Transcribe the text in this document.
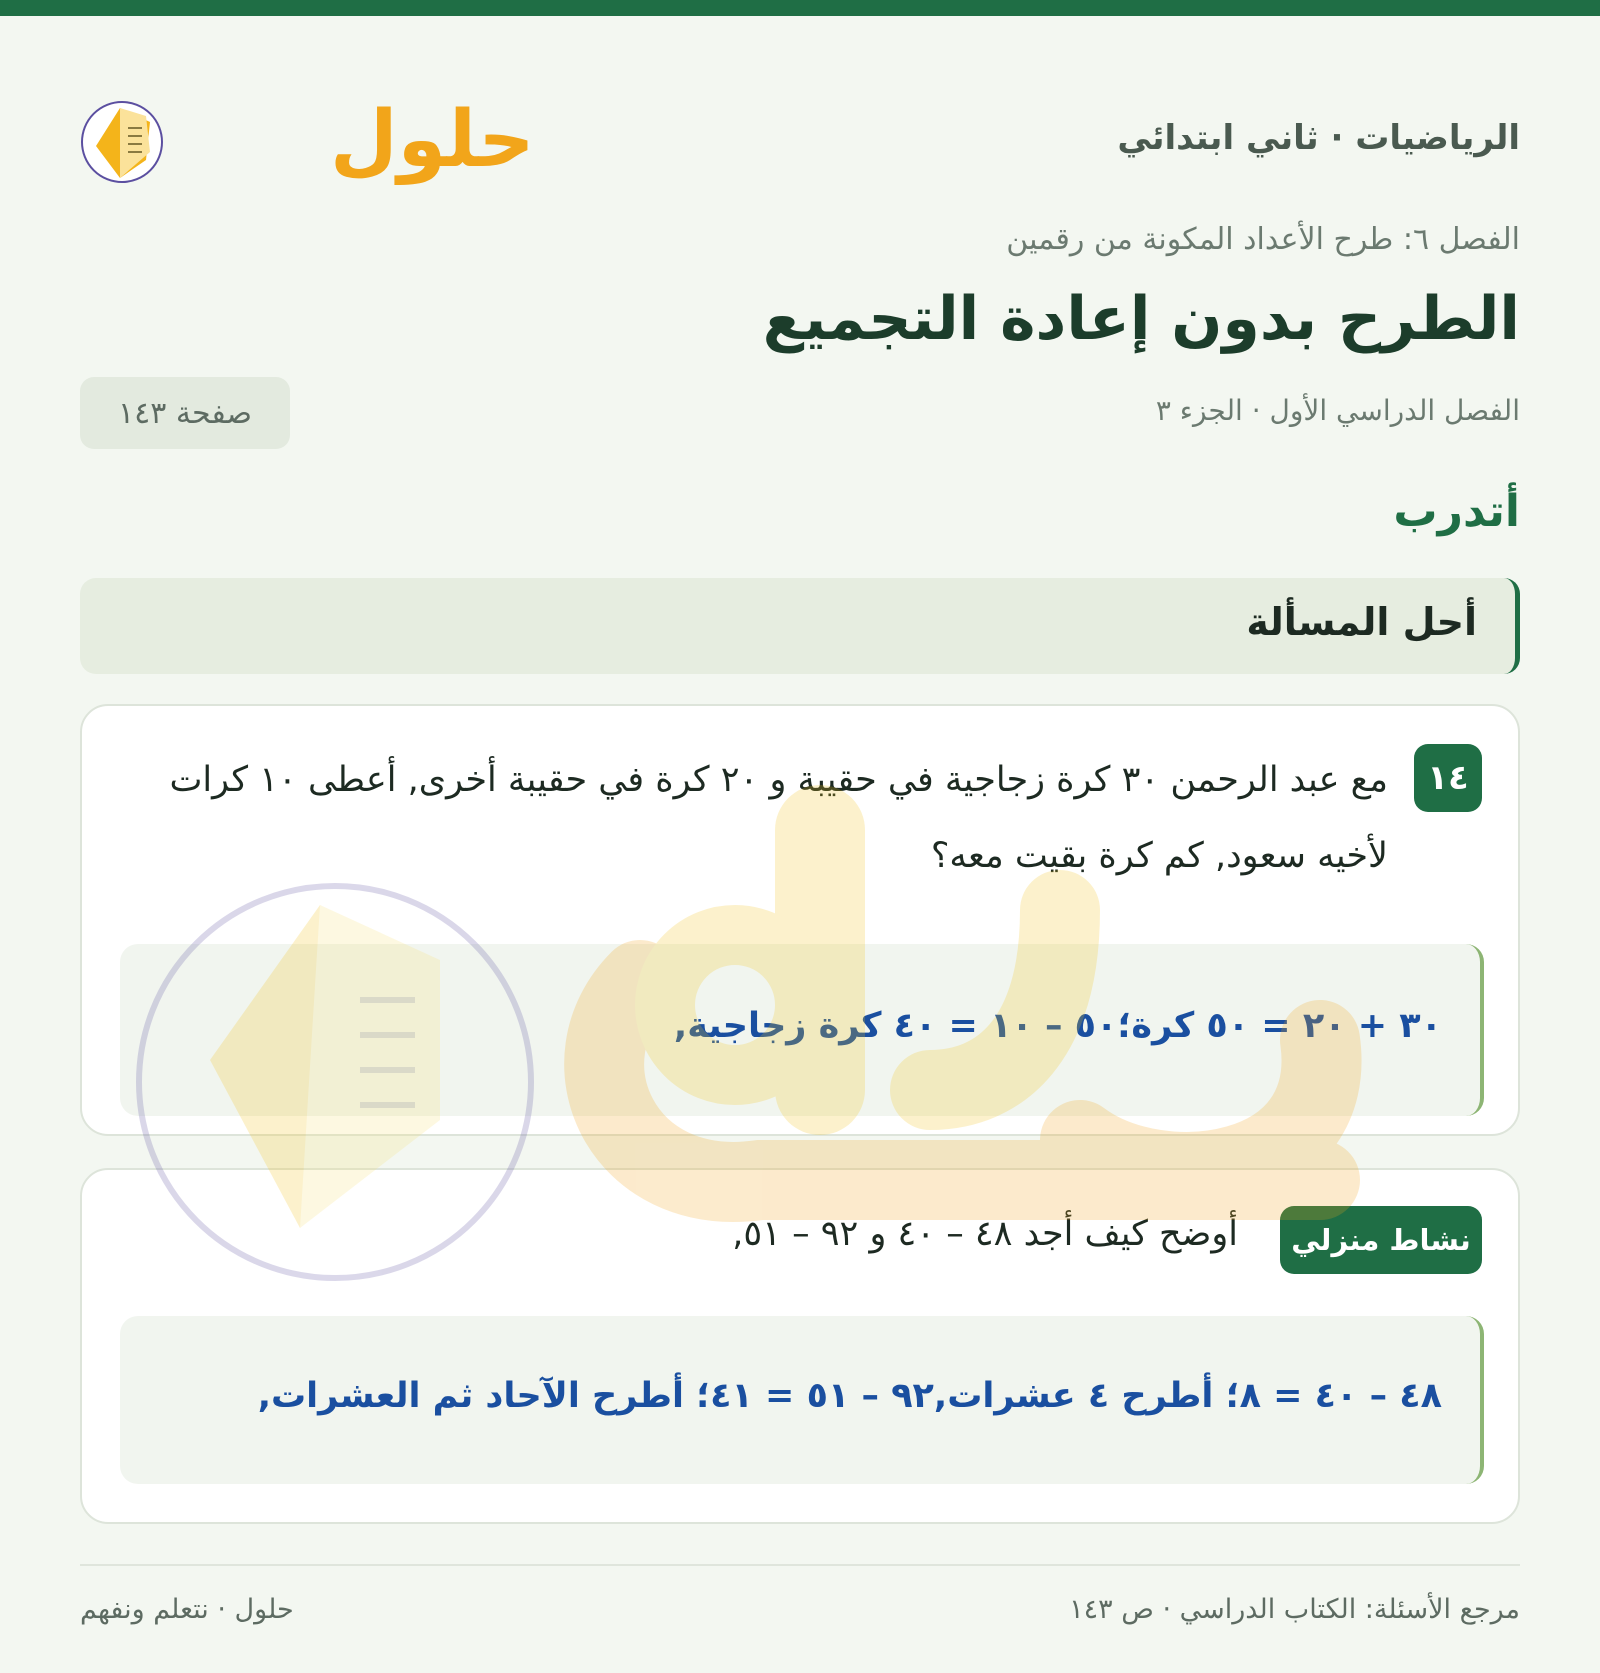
الرياضيات · ثاني ابتدائي
حلول
الفصل ٦: طرح الأعداد المكونة من رقمين
الطرح بدون إعادة التجميع
الفصل الدراسي الأول · الجزء ٣
صفحة ١٤٣
أتدرب
أحل المسألة
١٤
مع عبد الرحمن ٣٠ كرة زجاجية في حقيبة و ٢٠ كرة في حقيبة أخرى, أعطى ١٠ كرات لأخيه سعود, كم كرة بقيت معه؟
٣٠ + ٢٠ = ٥٠ كرة؛٥٠ – ١٠ = ٤٠ كرة زجاجية,
نشاط منزلي
أوضح كيف أجد ٤٨ – ٤٠ و ٩٢ – ٥١,
٤٨ – ٤٠ = ٨؛ أطرح ٤ عشرات,٩٢ – ٥١ = ٤١؛ أطرح الآحاد ثم العشرات,
مرجع الأسئلة: الكتاب الدراسي · ص ١٤٣
حلول · نتعلم ونفهم
